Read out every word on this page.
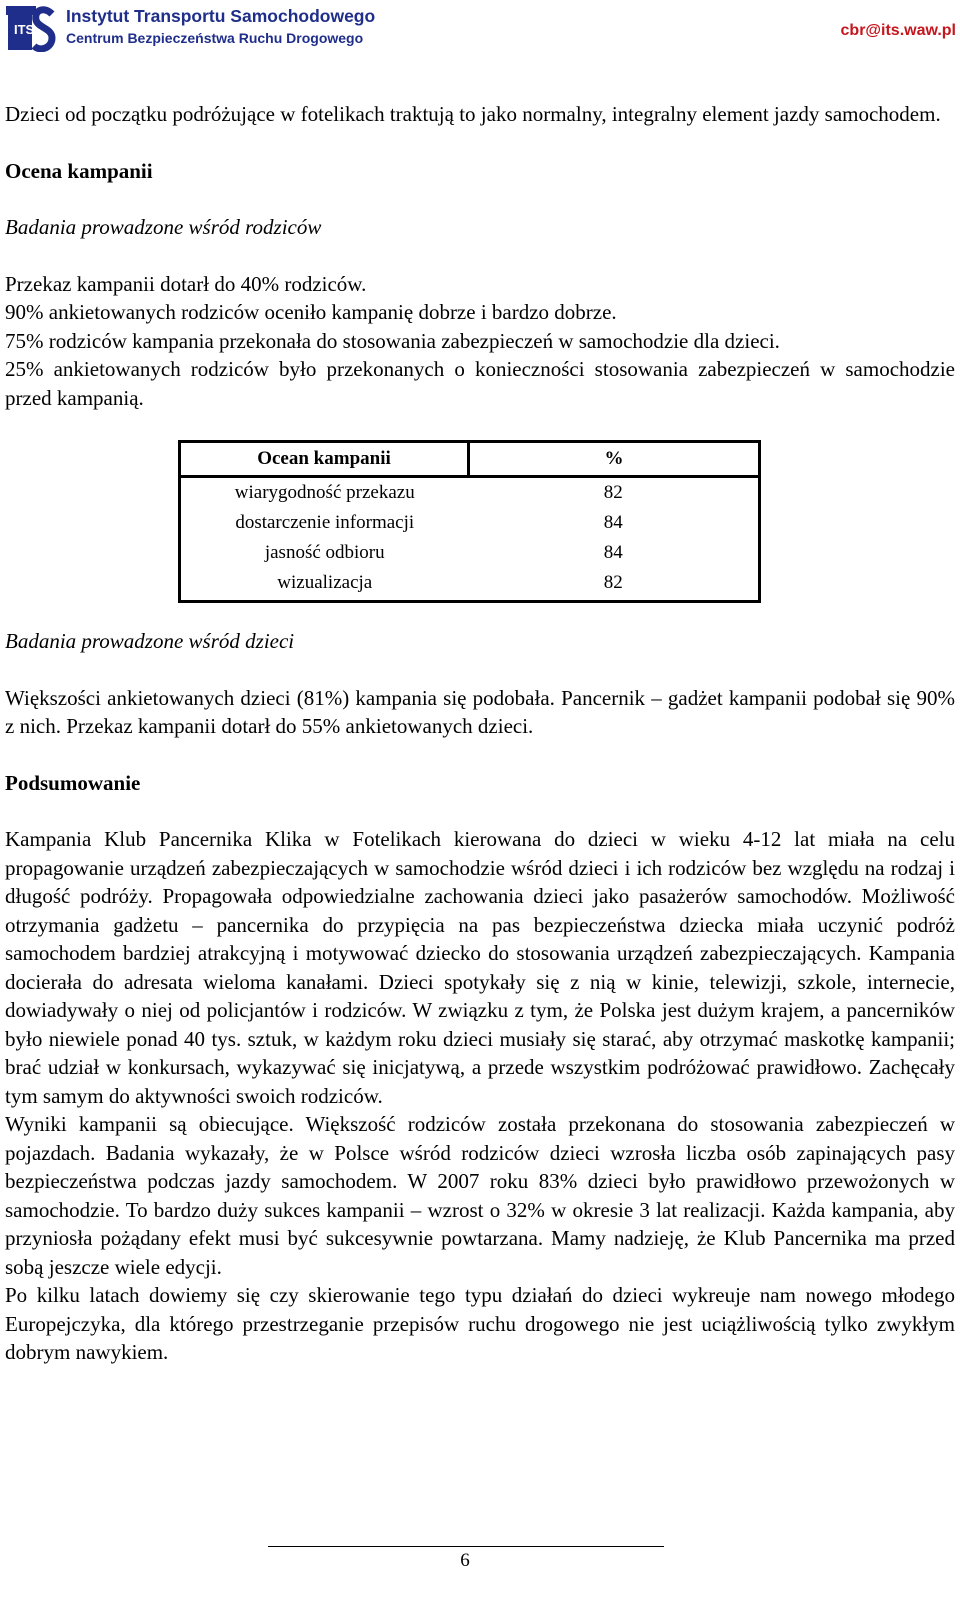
ITS
Instytut Transportu Samochodowego
Centrum Bezpieczeństwa Ruchu Drogowego	cbr@its.waw.pl

Dzieci od początku podróżujące w fotelikach traktują to jako normalny, integralny element jazdy samochodem.

Ocena kampanii

Badania prowadzone wśród rodziców

Przekaz kampanii dotarł do 40% rodziców.

90% ankietowanych rodziców oceniło kampanię dobrze i bardzo dobrze.

75% rodziców kampania przekonała do stosowania zabezpieczeń w samochodzie dla dzieci.

25% ankietowanych rodziców było przekonanych o konieczności stosowania zabezpieczeń w samochodzie przed kampanią.

Ocean kampanii	%
wiarygodność przekazu	82
dostarczenie informacji	84
jasność odbioru	84
wizualizacja	82

Badania prowadzone wśród dzieci

Większości ankietowanych dzieci (81%) kampania się podobała. Pancernik – gadżet kampanii podobał się 90% z nich. Przekaz kampanii dotarł do 55% ankietowanych dzieci.

Podsumowanie

Kampania Klub Pancernika Klika w Fotelikach kierowana do dzieci w wieku 4-12 lat miała na celu propagowanie urządzeń zabezpieczających w samochodzie wśród dzieci i ich rodziców bez względu na rodzaj i długość podróży. Propagowała odpowiedzialne zachowania dzieci jako pasażerów samochodów. Możliwość otrzymania gadżetu – pancernika do przypięcia na pas bezpieczeństwa dziecka miała uczynić podróż samochodem bardziej atrakcyjną i motywować dziecko do stosowania urządzeń zabezpieczających. Kampania docierała do adresata wieloma kanałami. Dzieci spotykały się z nią w kinie, telewizji, szkole, internecie, dowiadywały o niej od policjantów i rodziców. W związku z tym, że Polska jest dużym krajem, a pancerników było niewiele ponad 40 tys. sztuk, w każdym roku dzieci musiały się starać, aby otrzymać maskotkę kampanii; brać udział w konkursach, wykazywać się inicjatywą, a przede wszystkim podróżować prawidłowo. Zachęcały tym samym do aktywności swoich rodziców.

Wyniki kampanii są obiecujące. Większość rodziców została przekonana do stosowania zabezpieczeń w pojazdach. Badania wykazały, że w Polsce wśród rodziców dzieci wzrosła liczba osób zapinających pasy bezpieczeństwa podczas jazdy samochodem. W 2007 roku 83% dzieci było prawidłowo przewożonych w samochodzie. To bardzo duży sukces kampanii – wzrost o 32% w okresie 3 lat realizacji. Każda kampania, aby przyniosła pożądany efekt musi być sukcesywnie powtarzana. Mamy nadzieję, że Klub Pancernika ma przed sobą jeszcze wiele edycji.

Po kilku latach dowiemy się czy skierowanie tego typu działań do dzieci wykreuje nam nowego młodego Europejczyka, dla którego przestrzeganie przepisów ruchu drogowego nie jest uciążliwością tylko zwykłym dobrym nawykiem.

6
